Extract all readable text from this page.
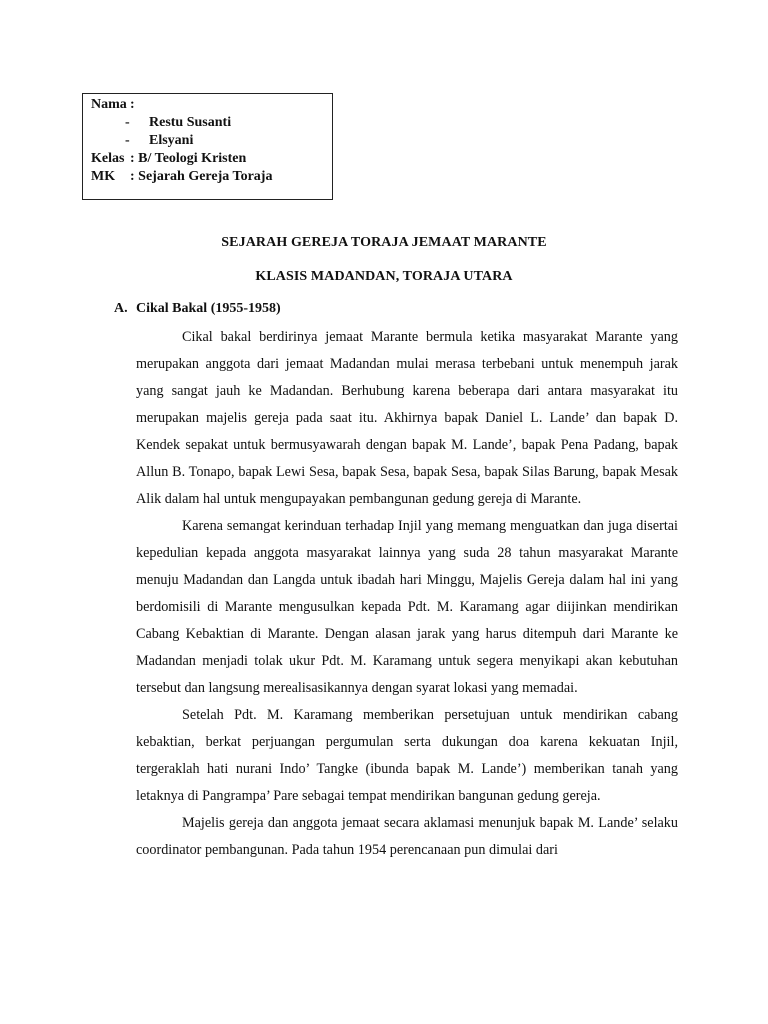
Nama :
-	Restu Susanti
-	Elsyani
Kelas : B/ Teologi Kristen
MK	: Sejarah Gereja Toraja
SEJARAH GEREJA TORAJA JEMAAT MARANTE
KLASIS MADANDAN, TORAJA UTARA
A. Cikal Bakal (1955-1958)

Cikal bakal berdirinya jemaat Marante bermula ketika masyarakat Marante yang merupakan anggota dari jemaat Madandan mulai merasa terbebani untuk menempuh jarak yang sangat jauh ke Madandan. Berhubung karena beberapa dari antara masyarakat itu merupakan majelis gereja pada saat itu. Akhirnya bapak Daniel L. Lande’ dan bapak D. Kendek sepakat untuk bermusyawarah dengan bapak M. Lande’, bapak Pena Padang, bapak Allun B. Tonapo, bapak Lewi Sesa, bapak Sesa, bapak Sesa, bapak Silas Barung, bapak Mesak Alik dalam hal untuk mengupayakan pembangunan gedung gereja di Marante.

Karena semangat kerinduan terhadap Injil yang memang menguatkan dan juga disertai kepedulian kepada anggota masyarakat lainnya yang suda 28 tahun masyarakat Marante menuju Madandan dan Langda untuk ibadah hari Minggu, Majelis Gereja dalam hal ini yang berdomisili di Marante mengusulkan kepada Pdt. M. Karamang agar diijinkan mendirikan Cabang Kebaktian di Marante. Dengan alasan jarak yang harus ditempuh dari Marante ke Madandan menjadi tolak ukur Pdt. M. Karamang untuk segera menyikapi akan kebutuhan tersebut dan langsung merealisasikannya dengan syarat lokasi yang memadai.

Setelah Pdt. M. Karamang memberikan persetujuan untuk mendirikan cabang kebaktian, berkat perjuangan pergumulan serta dukungan doa karena kekuatan Injil, tergeraklah hati nurani Indo’ Tangke (ibunda bapak M. Lande’) memberikan tanah yang letaknya di Pangrampa’ Pare sebagai tempat mendirikan bangunan gedung gereja.

Majelis gereja dan anggota jemaat secara aklamasi menunjuk bapak M. Lande’ selaku coordinator pembangunan. Pada tahun 1954 perencanaan pun dimulai dari
